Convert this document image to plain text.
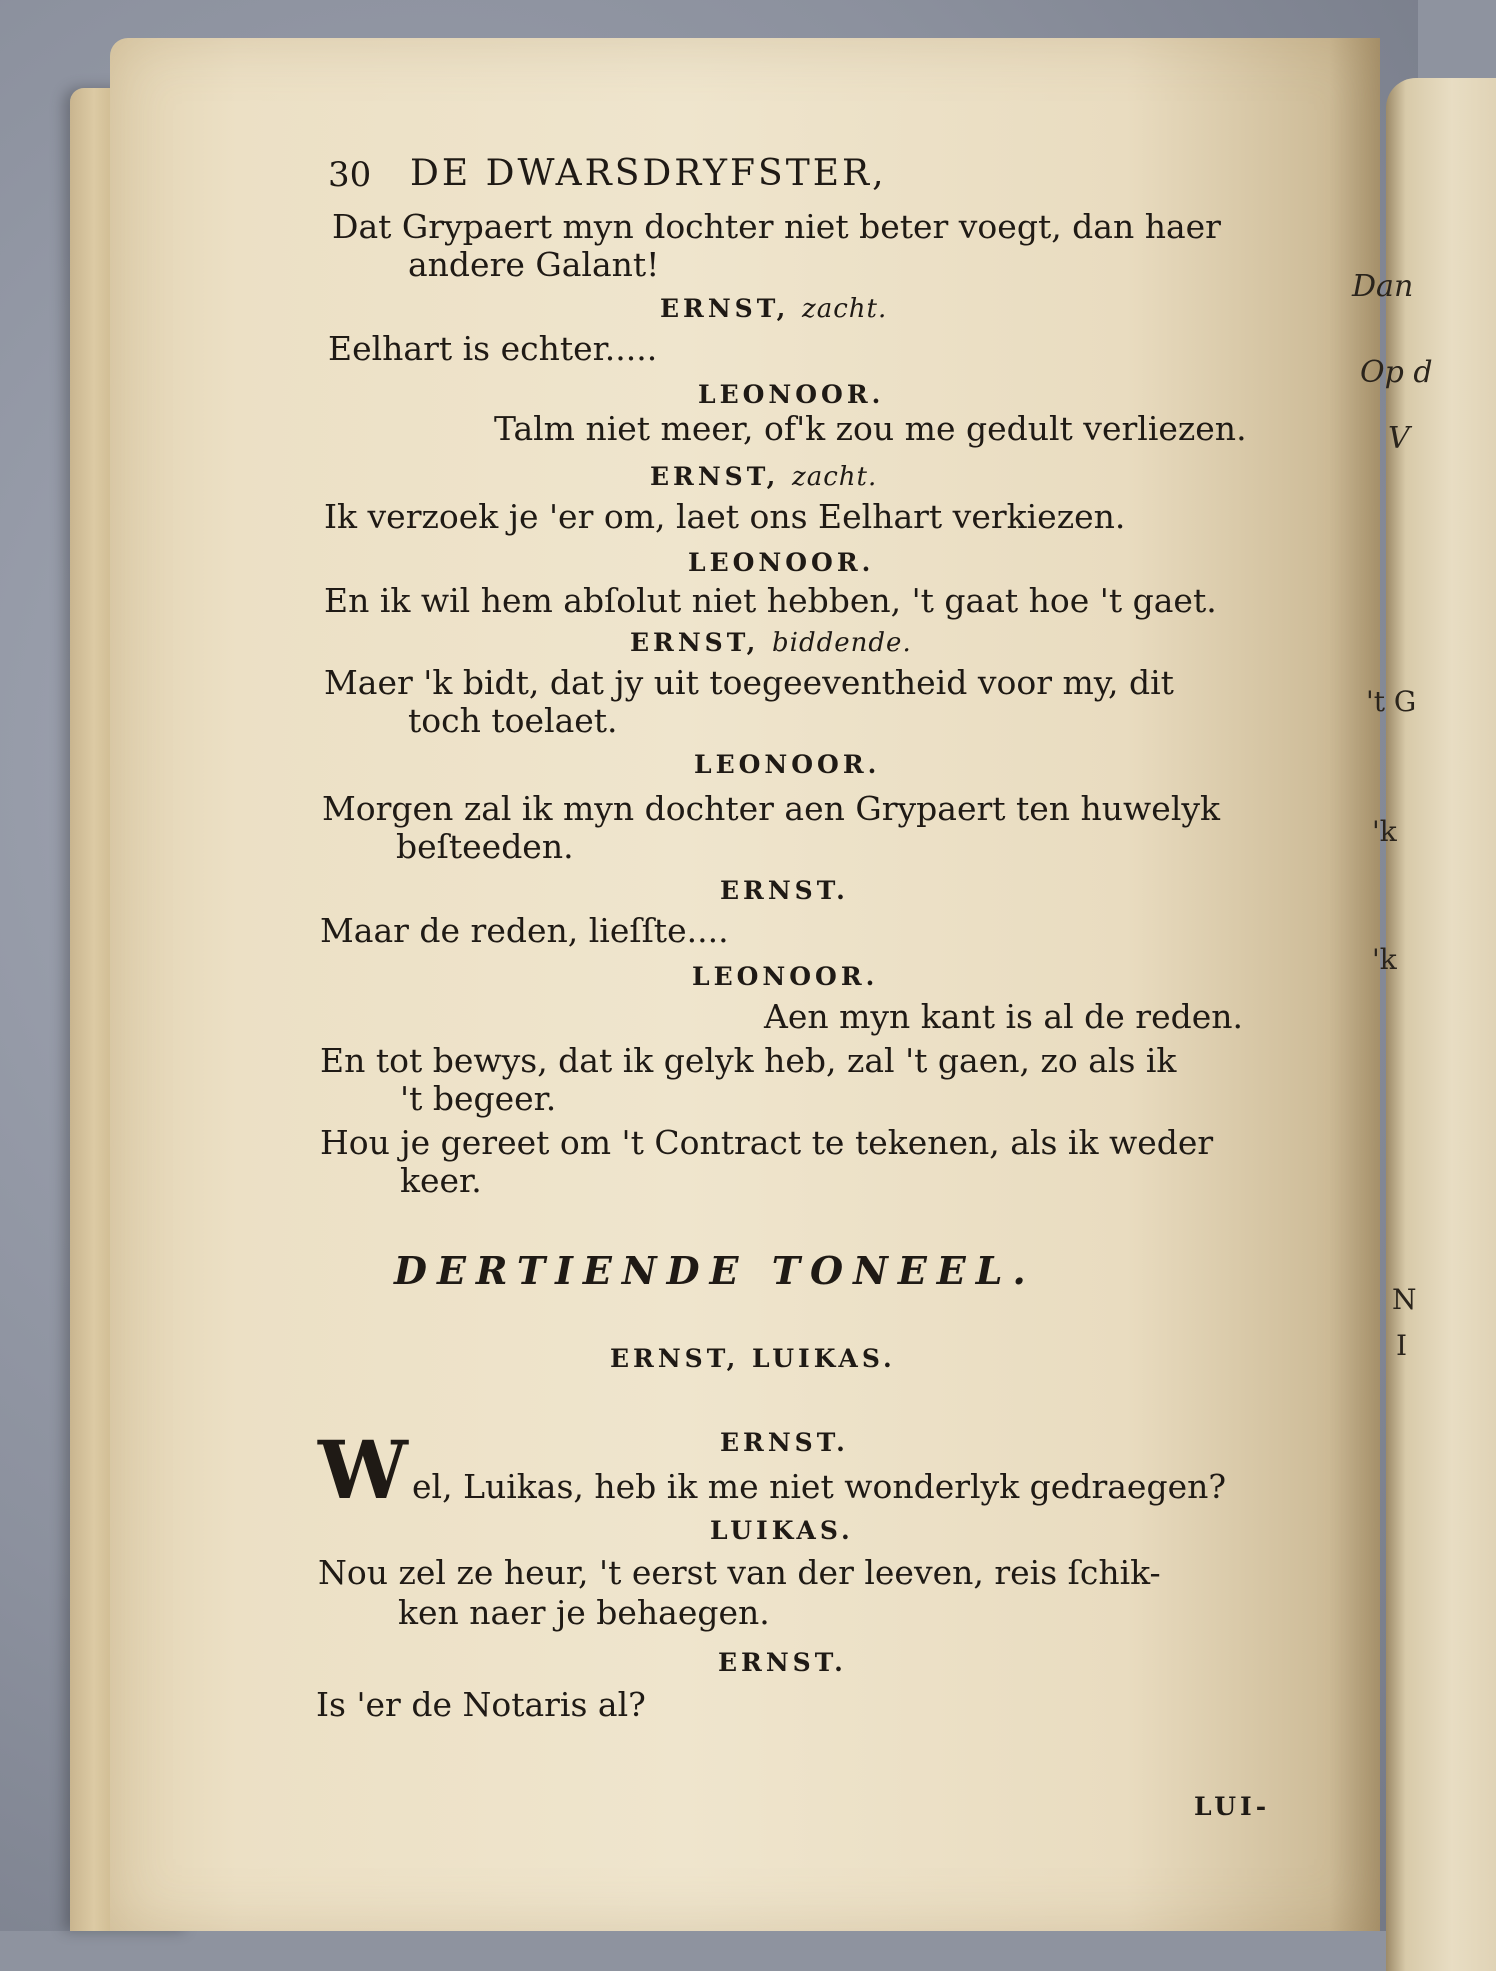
30 DE DWARSDRYFSTER,
Dat Grypaert myn dochter niet beter voegt, dan haer
andere Galant!
ERNST, zacht.
Eelhart is echter.....
LEONOOR.
Talm niet meer, of'k zou me gedult verliezen.
ERNST, zacht.
Ik verzoek je 'er om, laet ons Eelhart verkiezen.
LEONOOR.
En ik wil hem abſolut niet hebben, 't gaat hoe 't gaet.
ERNST, biddende.
Maer 'k bidt, dat jy uit toegeeventheid voor my, dit
toch toelaet.
LEONOOR.
Morgen zal ik myn dochter aen Grypaert ten huwelyk
beſteeden.
ERNST.
Maar de reden, lieſſte....
LEONOOR.
Aen myn kant is al de reden.
En tot bewys, dat ik gelyk heb, zal 't gaen, zo als ik
't begeer.
Hou je gereet om 't Contract te tekenen, als ik weder
keer.
DERTIENDE TONEEL.
ERNST, LUIKAS.
ERNST.
W el, Luikas, heb ik me niet wonderlyk gedraegen?
LUIKAS.
Nou zel ze heur, 't eerst van der leeven, reis ſchik-
ken naer je behaegen.
ERNST.
Is 'er de Notaris al?
LUI-
Dan
Op d
V
't G
'k
'k
N
I
